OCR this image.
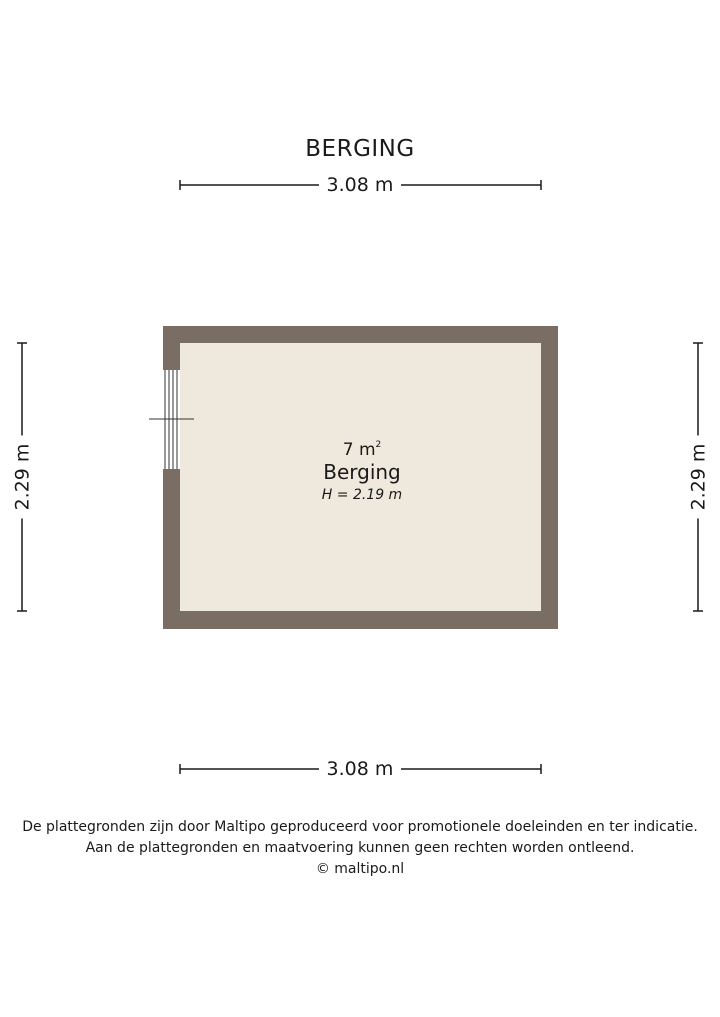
BERGING
3.08 m
3.08 m
2.29 m	2.29 m
7 $m^2$
Berging
H = 2.19 m
De plattegronden zijn door Maltipo geproduceerd voor promotionele doeleinden en ter indicatie.
Aan de plattegronden en maatvoering kunnen geen rechten worden ontleend.
© maltipo.nl
